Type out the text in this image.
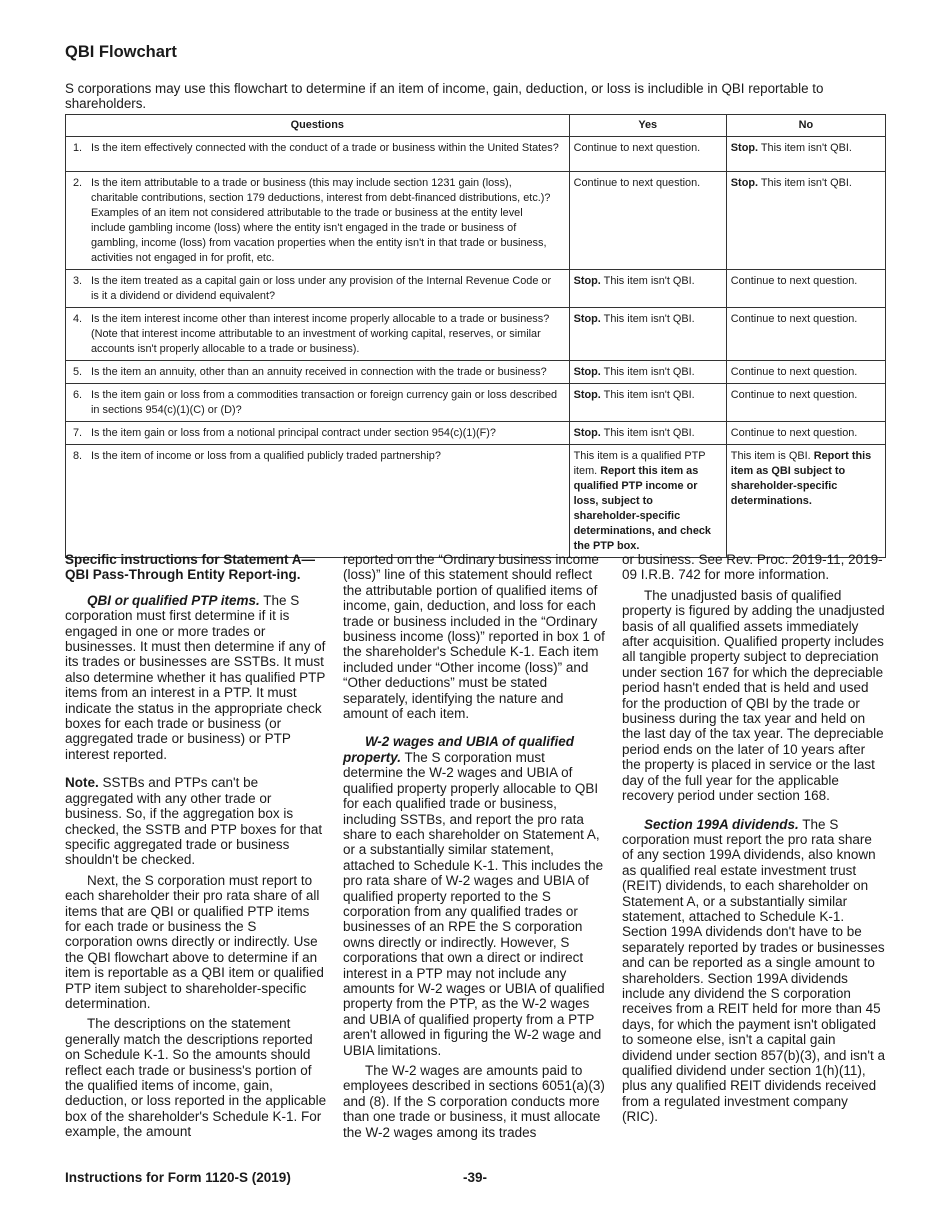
QBI Flowchart
S corporations may use this flowchart to determine if an item of income, gain, deduction, or loss is includible in QBI reportable to shareholders.
Questions	Yes	No
1. Is the item effectively connected with the conduct of a trade or business within the United States?	Continue to next question.	Stop. This item isn't QBI.
2. Is the item attributable to a trade or business (this may include section 1231 gain (loss), charitable contributions, section 179 deductions, interest from debt-financed distributions, etc.)? Examples of an item not considered attributable to the trade or business at the entity level include gambling income (loss) where the entity isn't engaged in the trade or business of gambling, income (loss) from vacation properties when the entity isn't in that trade or business, activities not engaged in for profit, etc.	Continue to next question.	Stop. This item isn't QBI.
3. Is the item treated as a capital gain or loss under any provision of the Internal Revenue Code or is it a dividend or dividend equivalent?	Stop. This item isn't QBI.	Continue to next question.
4. Is the item interest income other than interest income properly allocable to a trade or business? (Note that interest income attributable to an investment of working capital, reserves, or similar accounts isn't properly allocable to a trade or business).	Stop. This item isn't QBI.	Continue to next question.
5. Is the item an annuity, other than an annuity received in connection with the trade or business?	Stop. This item isn't QBI.	Continue to next question.
6. Is the item gain or loss from a commodities transaction or foreign currency gain or loss described in sections 954(c)(1)(C) or (D)?	Stop. This item isn't QBI.	Continue to next question.
7. Is the item gain or loss from a notional principal contract under section 954(c)(1)(F)?	Stop. This item isn't QBI.	Continue to next question.
8. Is the item of income or loss from a qualified publicly traded partnership?	This item is a qualified PTP item. Report this item as qualified PTP income or loss, subject to shareholder-specific determinations, and check the PTP box.	This item is QBI. Report this item as QBI subject to shareholder-specific determinations.
Specific instructions for Statement A—QBI Pass-Through Entity Report-ing.

QBI or qualified PTP items. The S corporation must first determine if it is engaged in one or more trades or businesses. It must then determine if any of its trades or businesses are SSTBs. It must also determine whether it has qualified PTP items from an interest in a PTP. It must indicate the status in the appropriate check boxes for each trade or business (or aggregated trade or business) or PTP interest reported.

Note. SSTBs and PTPs can't be aggregated with any other trade or business. So, if the aggregation box is checked, the SSTB and PTP boxes for that specific aggregated trade or business shouldn't be checked.

Next, the S corporation must report to each shareholder their pro rata share of all items that are QBI or qualified PTP items for each trade or business the S corporation owns directly or indirectly. Use the QBI flowchart above to determine if an item is reportable as a QBI item or qualified PTP item subject to shareholder-specific determination.

The descriptions on the statement generally match the descriptions reported on Schedule K-1. So the amounts should reflect each trade or business's portion of the qualified items of income, gain, deduction, or loss reported in the applicable box of the shareholder's Schedule K-1. For example, the amount

reported on the “Ordinary business income (loss)” line of this statement should reflect the attributable portion of qualified items of income, gain, deduction, and loss for each trade or business included in the “Ordinary business income (loss)” reported in box 1 of the shareholder's Schedule K-1. Each item included under “Other income (loss)” and “Other deductions” must be stated separately, identifying the nature and amount of each item.

W-2 wages and UBIA of qualified property. The S corporation must determine the W-2 wages and UBIA of qualified property properly allocable to QBI for each qualified trade or business, including SSTBs, and report the pro rata share to each shareholder on Statement A, or a substantially similar statement, attached to Schedule K-1. This includes the pro rata share of W-2 wages and UBIA of qualified property reported to the S corporation from any qualified trades or businesses of an RPE the S corporation owns directly or indirectly. However, S corporations that own a direct or indirect interest in a PTP may not include any amounts for W-2 wages or UBIA of qualified property from the PTP, as the W-2 wages and UBIA of qualified property from a PTP aren't allowed in figuring the W-2 wage and UBIA limitations.

The W-2 wages are amounts paid to employees described in sections 6051(a)(3) and (8). If the S corporation conducts more than one trade or business, it must allocate the W-2 wages among its trades

or business. See Rev. Proc. 2019-11, 2019-09 I.R.B. 742 for more information.

The unadjusted basis of qualified property is figured by adding the unadjusted basis of all qualified assets immediately after acquisition. Qualified property includes all tangible property subject to depreciation under section 167 for which the depreciable period hasn't ended that is held and used for the production of QBI by the trade or business during the tax year and held on the last day of the tax year. The depreciable period ends on the later of 10 years after the property is placed in service or the last day of the full year for the applicable recovery period under section 168.

Section 199A dividends. The S corporation must report the pro rata share of any section 199A dividends, also known as qualified real estate investment trust (REIT) dividends, to each shareholder on Statement A, or a substantially similar statement, attached to Schedule K-1. Section 199A dividends don't have to be separately reported by trades or businesses and can be reported as a single amount to shareholders. Section 199A dividends include any dividend the S corporation receives from a REIT held for more than 45 days, for which the payment isn't obligated to someone else, isn't a capital gain dividend under section 857(b)(3), and isn't a qualified dividend under section 1(h)(11), plus any qualified REIT dividends received from a regulated investment company (RIC).

Instructions for Form 1120-S (2019)	-39-
